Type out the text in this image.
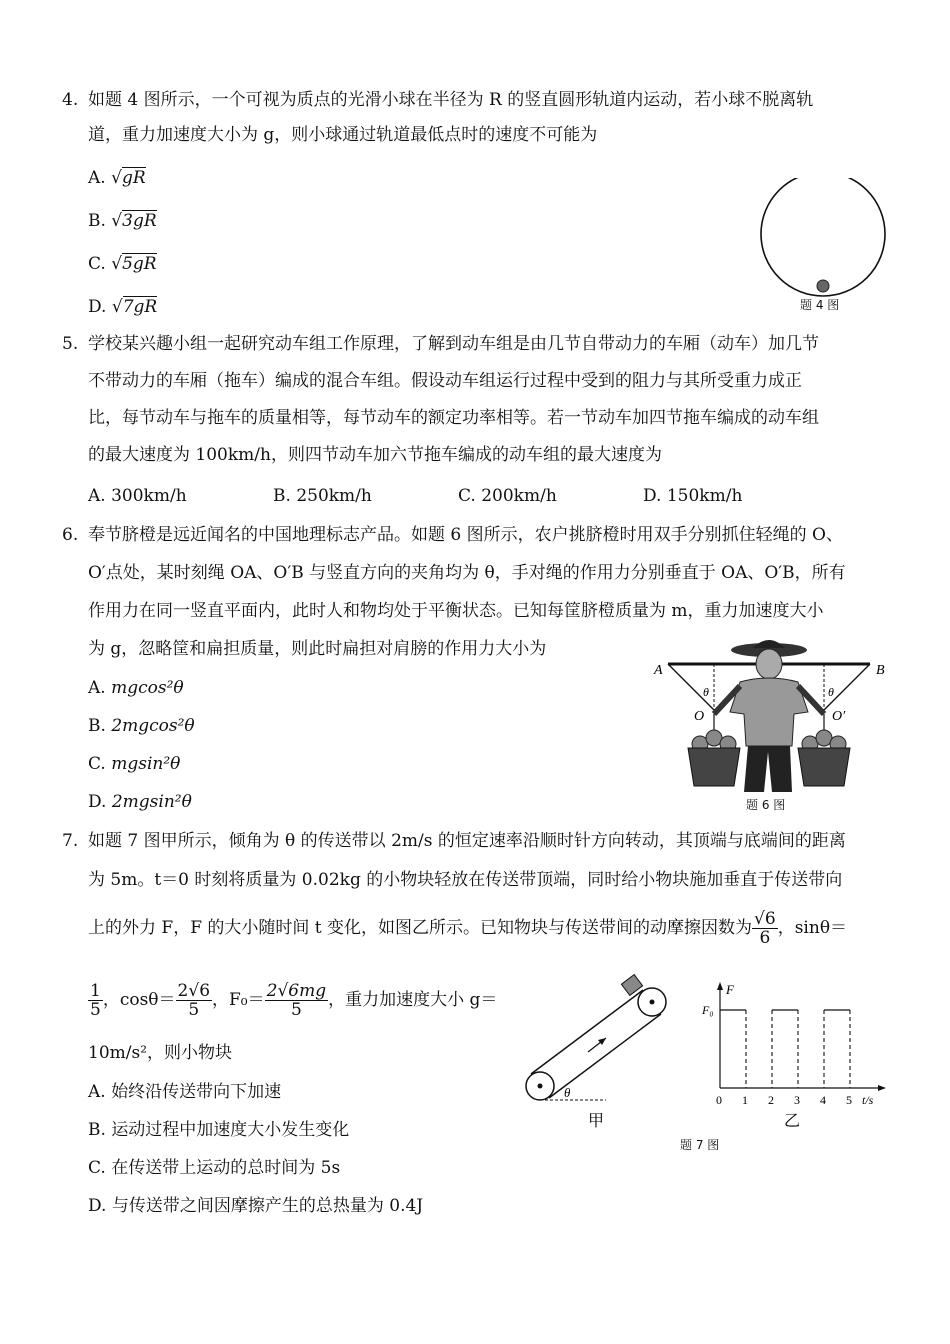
4. 如题 4 图所示，一个可视为质点的光滑小球在半径为 R 的竖直圆形轨道内运动，若小球不脱离轨
道，重力加速度大小为 g，则小球通过轨道最低点时的速度不可能为
A. √gR
B. √3gR
C. √5gR
D. √7gR	题 4 图
5. 学校某兴趣小组一起研究动车组工作原理，了解到动车组是由几节自带动力的车厢（动车）加几节
不带动力的车厢（拖车）编成的混合车组。假设动车组运行过程中受到的阻力与其所受重力成正
比，每节动车与拖车的质量相等，每节动车的额定功率相等。若一节动车加四节拖车编成的动车组
的最大速度为 100km/h，则四节动车加六节拖车编成的动车组的最大速度为
A. 300km/h	B. 250km/h	C. 200km/h	D. 150km/h
6. 奉节脐橙是远近闻名的中国地理标志产品。如题 6 图所示，农户挑脐橙时用双手分别抓住轻绳的 O、
O′点处，某时刻绳 OA、O′B 与竖直方向的夹角均为 θ，手对绳的作用力分别垂直于 OA、O′B，所有
作用力在同一竖直平面内，此时人和物均处于平衡状态。已知每筐脐橙质量为 m，重力加速度大小
为 g，忽略筐和扁担质量，则此时扁担对肩膀的作用力大小为
A. mgcos²θ
B. 2mgcos²θ
C. mgsin²θ
D. 2mgsin²θ
A	B
O	O′
θ	θ
题 6 图
7. 如题 7 图甲所示，倾角为 θ 的传送带以 2m/s 的恒定速率沿顺时针方向转动，其顶端与底端间的距离
为 5m。t＝0 时刻将质量为 0.02kg 的小物块轻放在传送带顶端，同时给小物块施加垂直于传送带向
上的外力 F，F 的大小随时间 t 变化，如图乙所示。已知物块与传送带间的动摩擦因数为 $\frac{√6}{6}$ ，sinθ＝
$\frac{1}{5}$ ，$\cos\theta= \frac{2√6}{5}$ ，$F_0= \frac{2√6mg}{5}$ ，重力加速度大小 g＝
10m/s²，则小物块
A. 始终沿传送带向下加速
B. 运动过程中加速度大小发生变化
C. 在传送带上运动的总时间为 5s
D. 与传送带之间因摩擦产生的总热量为 0.4J
θ
甲
F
F₀
t/s
0 1 2 3 4 5
乙
题 7 图
